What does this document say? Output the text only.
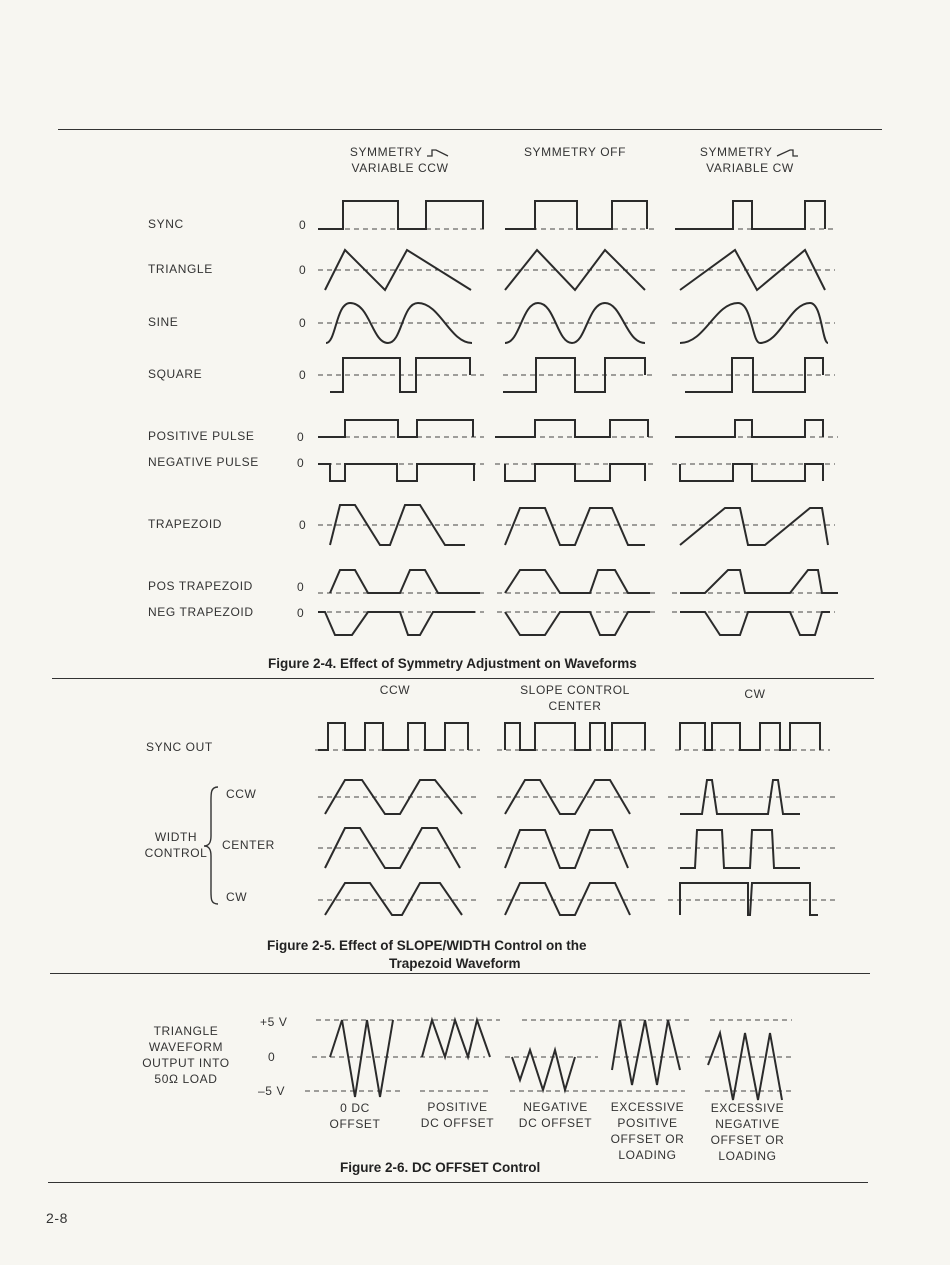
SYMMETRY
VARIABLE CCW
SYMMETRY OFF	SYMMETRY
VARIABLE CW
SYNC
TRIANGLE
SINE
SQUARE
POSITIVE PULSE
NEGATIVE PULSE
TRAPEZOID
POS TRAPEZOID
NEG TRAPEZOID
0
0
0
0
0
0
0
0
0
Figure 2-4. Effect of Symmetry Adjustment on Waveforms
CCW	SLOPE CONTROL
CENTER
CW
SYNC OUT
WIDTH
CONTROL
CCW
CENTER
CW
Figure 2-5. Effect of SLOPE/WIDTH Control on the
Trapezoid Waveform
TRIANGLE
WAVEFORM
OUTPUT INTO
50Ω LOAD
+5 V
0
–5 V
0 DC
OFFSET
POSITIVE
DC OFFSET
NEGATIVE
DC OFFSET
EXCESSIVE
POSITIVE
OFFSET OR
LOADING
EXCESSIVE
NEGATIVE
OFFSET OR
LOADING
Figure 2-6. DC OFFSET Control
2-8
